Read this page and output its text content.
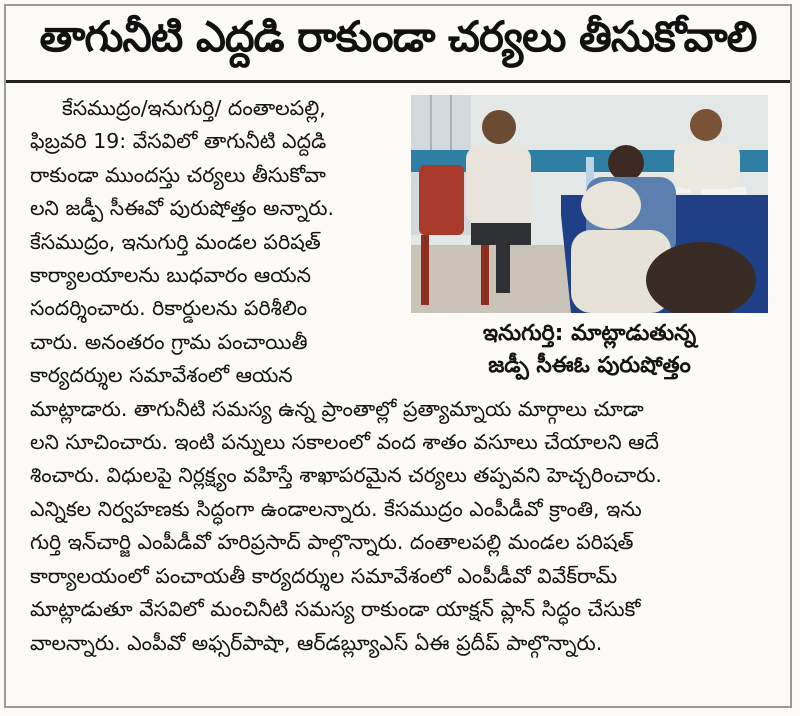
తాగునీటి ఎద్దడి రాకుండా చర్యలు తీసుకోవాలి
ఇనుగుర్తి: మాట్లాడుతున్న
జడ్పీ సీఈఓ పురుషోత్తం
కేసముద్రం/ఇనుగుర్తి/ దంతాలపల్లి,
ఫిబ్రవరి 19: వేసవిలో తాగునీటి ఎద్దడి
రాకుండా ముందస్తు చర్యలు తీసుకోవా
లని జడ్పీ సీఈవో పురుషోత్తం అన్నారు.
కేసముద్రం, ఇనుగుర్తి మండల పరిషత్
కార్యాలయాలను బుధవారం ఆయన
సందర్శించారు. రికార్డులను పరిశీలిం
చారు. అనంతరం గ్రామ పంచాయితీ
కార్యదర్శుల సమావేశంలో ఆయన
మాట్లాడారు. తాగునీటి సమస్య ఉన్న ప్రాంతాల్లో ప్రత్యామ్నాయ మార్గాలు చూడా
లని సూచించారు. ఇంటి పన్నులు సకాలంలో వంద శాతం వసూలు చేయాలని ఆదే
శించారు. విధులపై నిర్లక్ష్యం వహిస్తే శాఖాపరమైన చర్యలు తప్పవని హెచ్చరించారు.
ఎన్నికల నిర్వహణకు సిద్ధంగా ఉండాలన్నారు. కేసముద్రం ఎంపీడీవో క్రాంతి, ఇను
గుర్తి ఇన్‌చార్జి ఎంపీడీవో హరిప్రసాద్ పాల్గొన్నారు. దంతాలపల్లి మండల పరిషత్
కార్యాలయంలో పంచాయతీ కార్యదర్శుల సమావేశంలో ఎంపీడీవో వివేక్‌రామ్
మాట్లాడుతూ వేసవిలో మంచినీటి సమస్య రాకుండా యాక్షన్ ప్లాన్ సిద్ధం చేసుకో
వాలన్నారు. ఎంపీవో అఫ్సర్‌పాషా, ఆర్‌డబ్ల్యూఎస్ ఏఈ ప్రదీప్ పాల్గొన్నారు.
